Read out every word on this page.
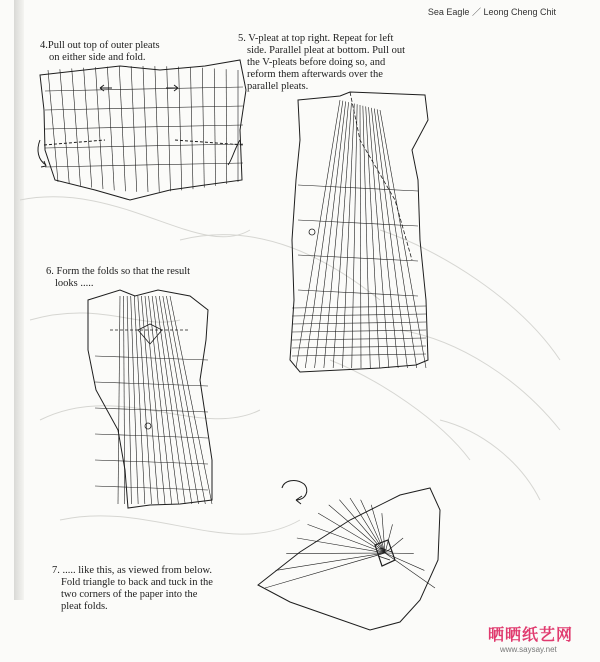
Sea Eagle ／ Leong Cheng Chit
4.Pull out top of outer pleats
on either side and fold.
5. V-pleat at top right. Repeat for left
side. Parallel pleat at bottom. Pull out
the V-pleats before doing so, and
reform them afterwards over the
parallel pleats.
6. Form the folds so that the result
looks .....
7. ..... like this, as viewed from below.
Fold triangle to back and tuck in the
two corners of the paper into the
pleat folds.
晒晒纸艺网
www.saysay.net
